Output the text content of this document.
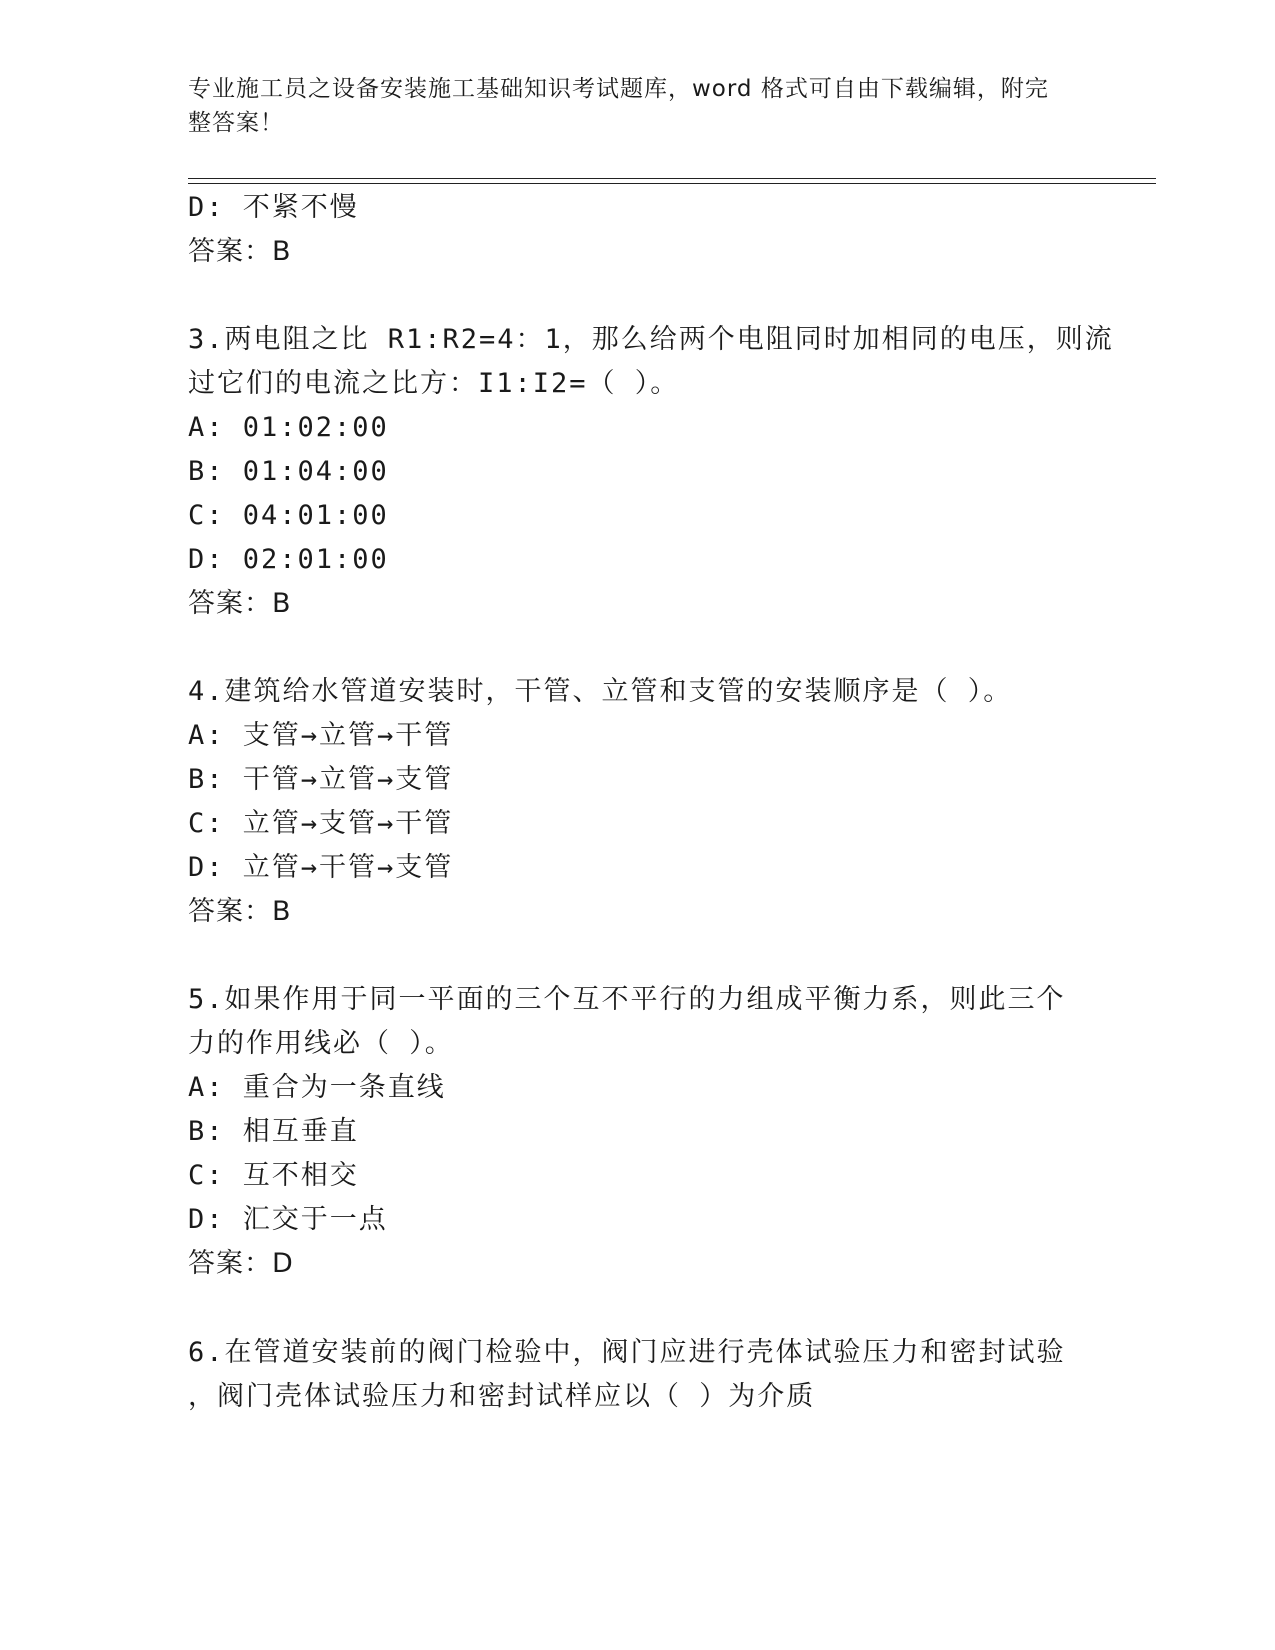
专业施工员之设备安装施工基础知识考试题库，word 格式可自由下载编辑，附完
整答案！
D: 不紧不慢
答案：B
3.两电阻之比 R1:R2=4：1，那么给两个电阻同时加相同的电压，则流
过它们的电流之比方：I1:I2=（ ）。
A: 01:02:00
B: 01:04:00
C: 04:01:00
D: 02:01:00
答案：B
4.建筑给水管道安装时，干管、立管和支管的安装顺序是（ ）。
A: 支管→立管→干管
B: 干管→立管→支管
C: 立管→支管→干管
D: 立管→干管→支管
答案：B
5.如果作用于同一平面的三个互不平行的力组成平衡力系，则此三个
力的作用线必（ ）。
A: 重合为一条直线
B: 相互垂直
C: 互不相交
D: 汇交于一点
答案：D
6.在管道安装前的阀门检验中，阀门应进行壳体试验压力和密封试验
，阀门壳体试验压力和密封试样应以（ ）为介质
